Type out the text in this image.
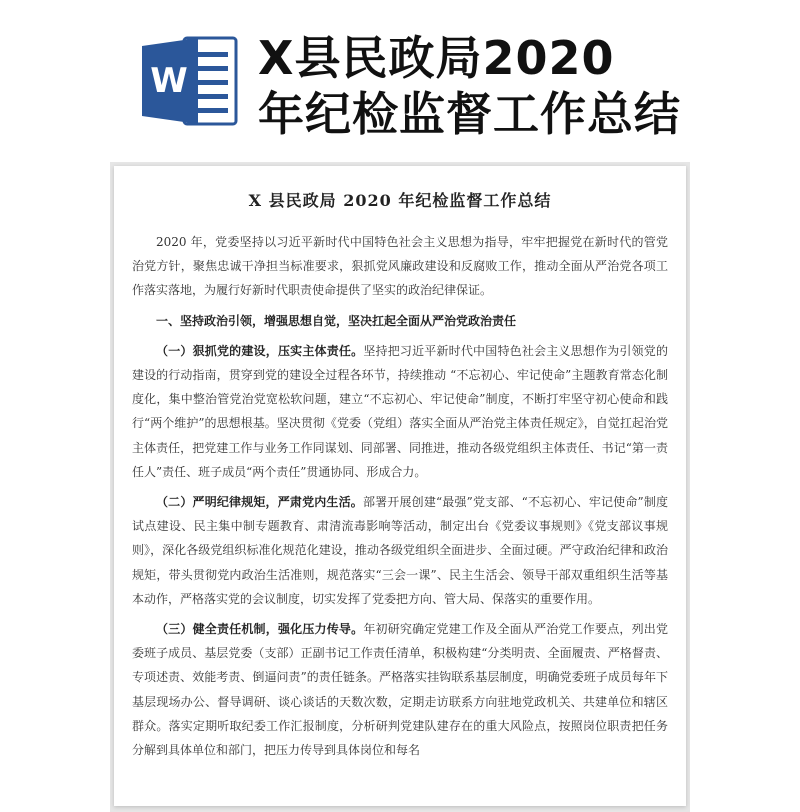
W X县民政局2020
年纪检监督工作总结
X 县民政局 2020 年纪检监督工作总结

2020 年，党委坚持以习近平新时代中国特色社会主义思想为指导，牢牢把握党在新时代的管党治党方针，聚焦忠诚干净担当标准要求，狠抓党风廉政建设和反腐败工作，推动全面从严治党各项工作落实落地，为履行好新时代职责使命提供了坚实的政治纪律保证。

一、坚持政治引领，增强思想自觉，坚决扛起全面从严治党政治责任

（一）狠抓党的建设，压实主体责任。坚持把习近平新时代中国特色社会主义思想作为引领党的建设的行动指南，贯穿到党的建设全过程各环节，持续推动 “不忘初心、牢记使命”主题教育常态化制度化，集中整治管党治党宽松软问题，建立“不忘初心、牢记使命”制度，不断打牢坚守初心使命和践行“两个维护”的思想根基。坚决贯彻《党委（党组）落实全面从严治党主体责任规定》，自觉扛起治党主体责任，把党建工作与业务工作同谋划、同部署、同推进，推动各级党组织主体责任、书记“第一责任人”责任、班子成员“两个责任”贯通协同、形成合力。

（二）严明纪律规矩，严肃党内生活。部署开展创建“最强”党支部、“不忘初心、牢记使命”制度试点建设、民主集中制专题教育、肃清流毒影响等活动，制定出台《党委议事规则》《党支部议事规则》，深化各级党组织标准化规范化建设，推动各级党组织全面进步、全面过硬。严守政治纪律和政治规矩，带头贯彻党内政治生活准则，规范落实“三会一课”、民主生活会、领导干部双重组织生活等基本动作，严格落实党的会议制度，切实发挥了党委把方向、管大局、保落实的重要作用。

（三）健全责任机制，强化压力传导。年初研究确定党建工作及全面从严治党工作要点，列出党委班子成员、基层党委（支部）正副书记工作责任清单，积极构建“分类明责、全面履责、严格督责、专项述责、效能考责、倒逼问责”的责任链条。严格落实挂钩联系基层制度，明确党委班子成员每年下基层现场办公、督导调研、谈心谈话的天数次数，定期走访联系方向驻地党政机关、共建单位和辖区群众。落实定期听取纪委工作汇报制度，分析研判党建队建存在的重大风险点，按照岗位职责把任务分解到具体单位和部门，把压力传导到具体岗位和每名
